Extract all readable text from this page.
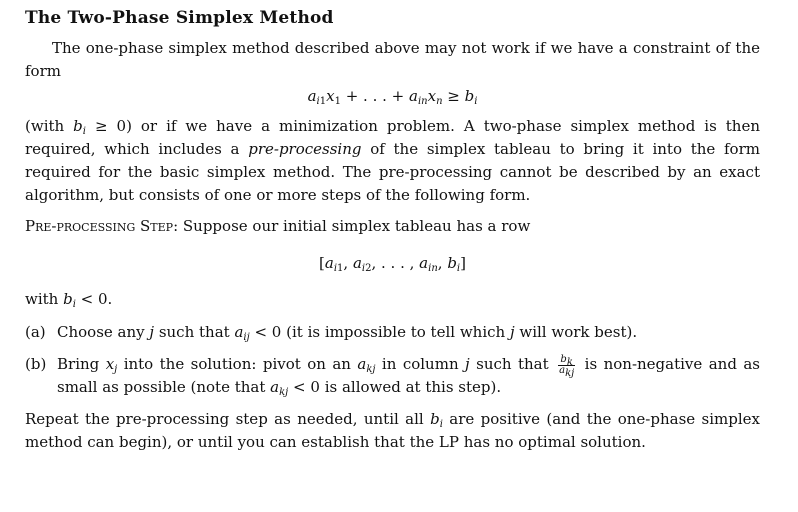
The Two-Phase Simplex Method

The one-phase simplex method described above may not work if we have a constraint of the form

$a_{i1}x_1$ + . . . + $a_{in}x_n \ge b_i$

(with $b_i \ge 0$) or if we have a minimization problem. A two-phase simplex method is then required, which includes a pre-processing of the simplex tableau to bring it into the form required for the basic simplex method. The pre-processing cannot be described by an exact algorithm, but consists of one or more steps of the following form.

Pre-processing Step: Suppose our initial simplex tableau has a row

[$a_{i1}$, $a_{i2}$, . . . , $a_{in}$, $b_i$]

with $b_i < 0$.

(a) Choose any j such that $a_{ij} < 0$ (it is impossible to tell which j will work best).
(b) Bring $x_j$ into the solution: pivot on an $a_{kj}$ in column j such that $\frac{b_k}{a_{kj}}$ is non-negative and as small as possible (note that $a_{kj} < 0$ is allowed at this step).

Repeat the pre-processing step as needed, until all $b_i$ are positive (and the one-phase simplex method can begin), or until you can establish that the LP has no optimal solution.
